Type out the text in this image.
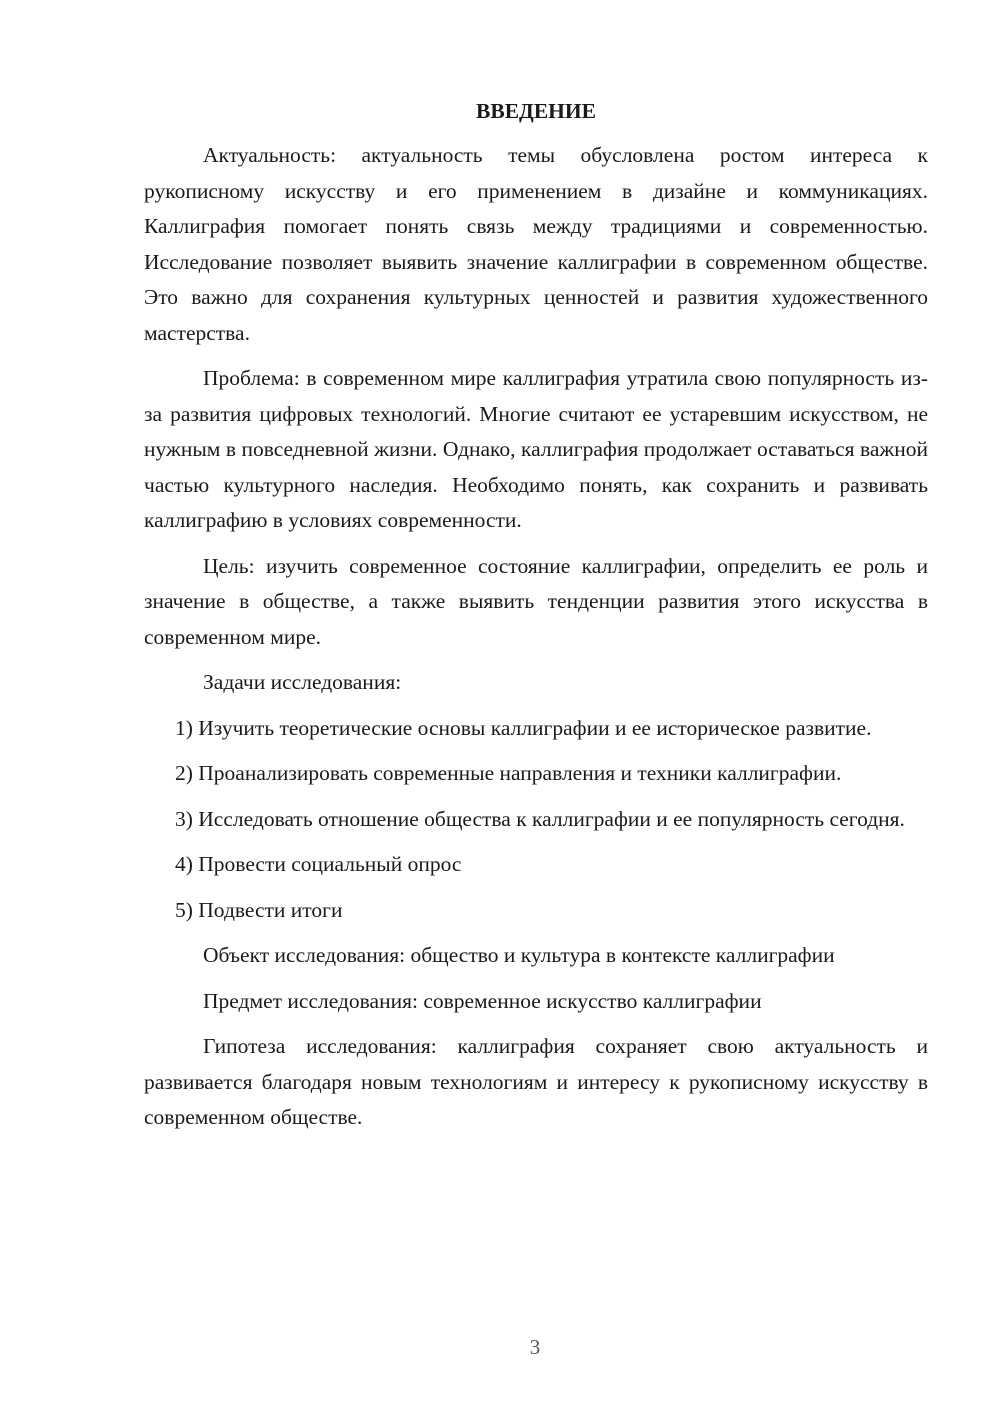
ВВЕДЕНИЕ

Актуальность: актуальность темы обусловлена ростом интереса к рукописному искусству и его применением в дизайне и коммуникациях. Каллиграфия помогает понять связь между традициями и современностью. Исследование позволяет выявить значение каллиграфии в современном обществе. Это важно для сохранения культурных ценностей и развития художественного мастерства.

Проблема: в современном мире каллиграфия утратила свою популярность из-за развития цифровых технологий. Многие считают ее устаревшим искусством, не нужным в повседневной жизни. Однако, каллиграфия продолжает оставаться важной частью культурного наследия. Необходимо понять, как сохранить и развивать каллиграфию в условиях современности.

Цель: изучить современное состояние каллиграфии, определить ее роль и значение в обществе, а также выявить тенденции развития этого искусства в современном мире.

Задачи исследования:

1) Изучить теоретические основы каллиграфии и ее историческое развитие.

2) Проанализировать современные направления и техники каллиграфии.

3) Исследовать отношение общества к каллиграфии и ее популярность сегодня.

4) Провести социальный опрос

5) Подвести итоги

Объект исследования: общество и культура в контексте каллиграфии

Предмет исследования: современное искусство каллиграфии

Гипотеза исследования: каллиграфия сохраняет свою актуальность и развивается благодаря новым технологиям и интересу к рукописному искусству в современном обществе.

3
